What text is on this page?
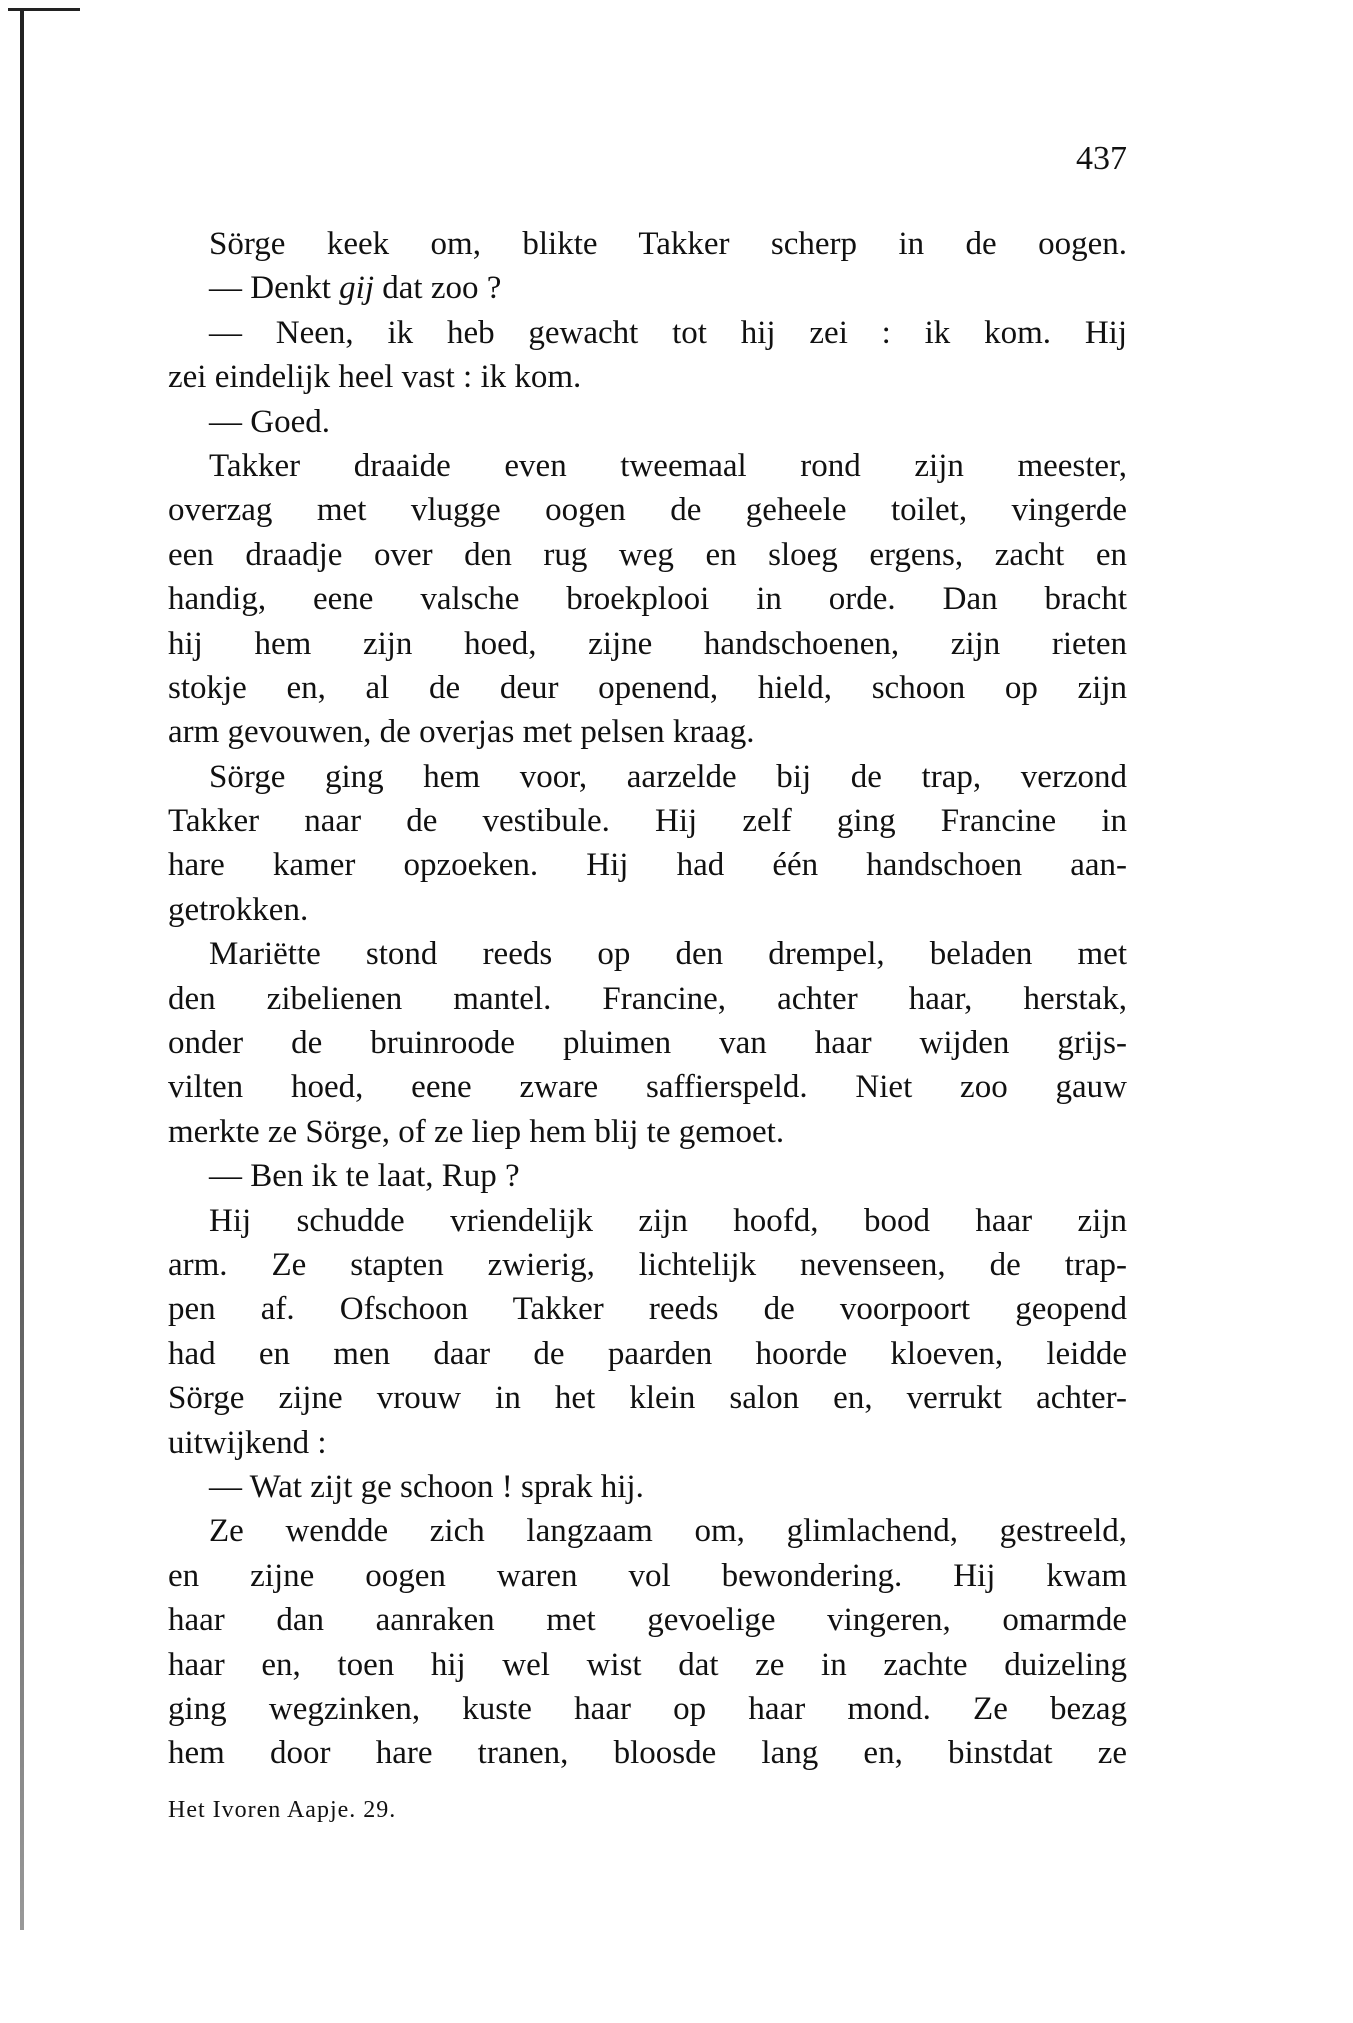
437
Sörge keek om, blikte Takker scherp in de oogen.
— Denkt gij dat zoo ?
— Neen, ik heb gewacht tot hij zei : ik kom. Hij
zei eindelijk heel vast : ik kom.
— Goed.
Takker draaide even tweemaal rond zijn meester,
overzag met vlugge oogen de geheele toilet, vingerde
een draadje over den rug weg en sloeg ergens, zacht en
handig, eene valsche broekplooi in orde. Dan bracht
hij hem zijn hoed, zijne handschoenen, zijn rieten
stokje en, al de deur openend, hield, schoon op zijn
arm gevouwen, de overjas met pelsen kraag.
Sörge ging hem voor, aarzelde bij de trap, verzond
Takker naar de vestibule. Hij zelf ging Francine in
hare kamer opzoeken. Hij had één handschoen aan-
getrokken.
Mariëtte stond reeds op den drempel, beladen met
den zibelienen mantel. Francine, achter haar, herstak,
onder de bruinroode pluimen van haar wijden grijs-
vilten hoed, eene zware saffierspeld. Niet zoo gauw
merkte ze Sörge, of ze liep hem blij te gemoet.
— Ben ik te laat, Rup ?
Hij schudde vriendelijk zijn hoofd, bood haar zijn
arm. Ze stapten zwierig, lichtelijk nevenseen, de trap-
pen af. Ofschoon Takker reeds de voorpoort geopend
had en men daar de paarden hoorde kloeven, leidde
Sörge zijne vrouw in het klein salon en, verrukt achter-
uitwijkend :
— Wat zijt ge schoon ! sprak hij.
Ze wendde zich langzaam om, glimlachend, gestreeld,
en zijne oogen waren vol bewondering. Hij kwam
haar dan aanraken met gevoelige vingeren, omarmde
haar en, toen hij wel wist dat ze in zachte duizeling
ging wegzinken, kuste haar op haar mond. Ze bezag
hem door hare tranen, bloosde lang en, binstdat ze
Het Ivoren Aapje. 29.
